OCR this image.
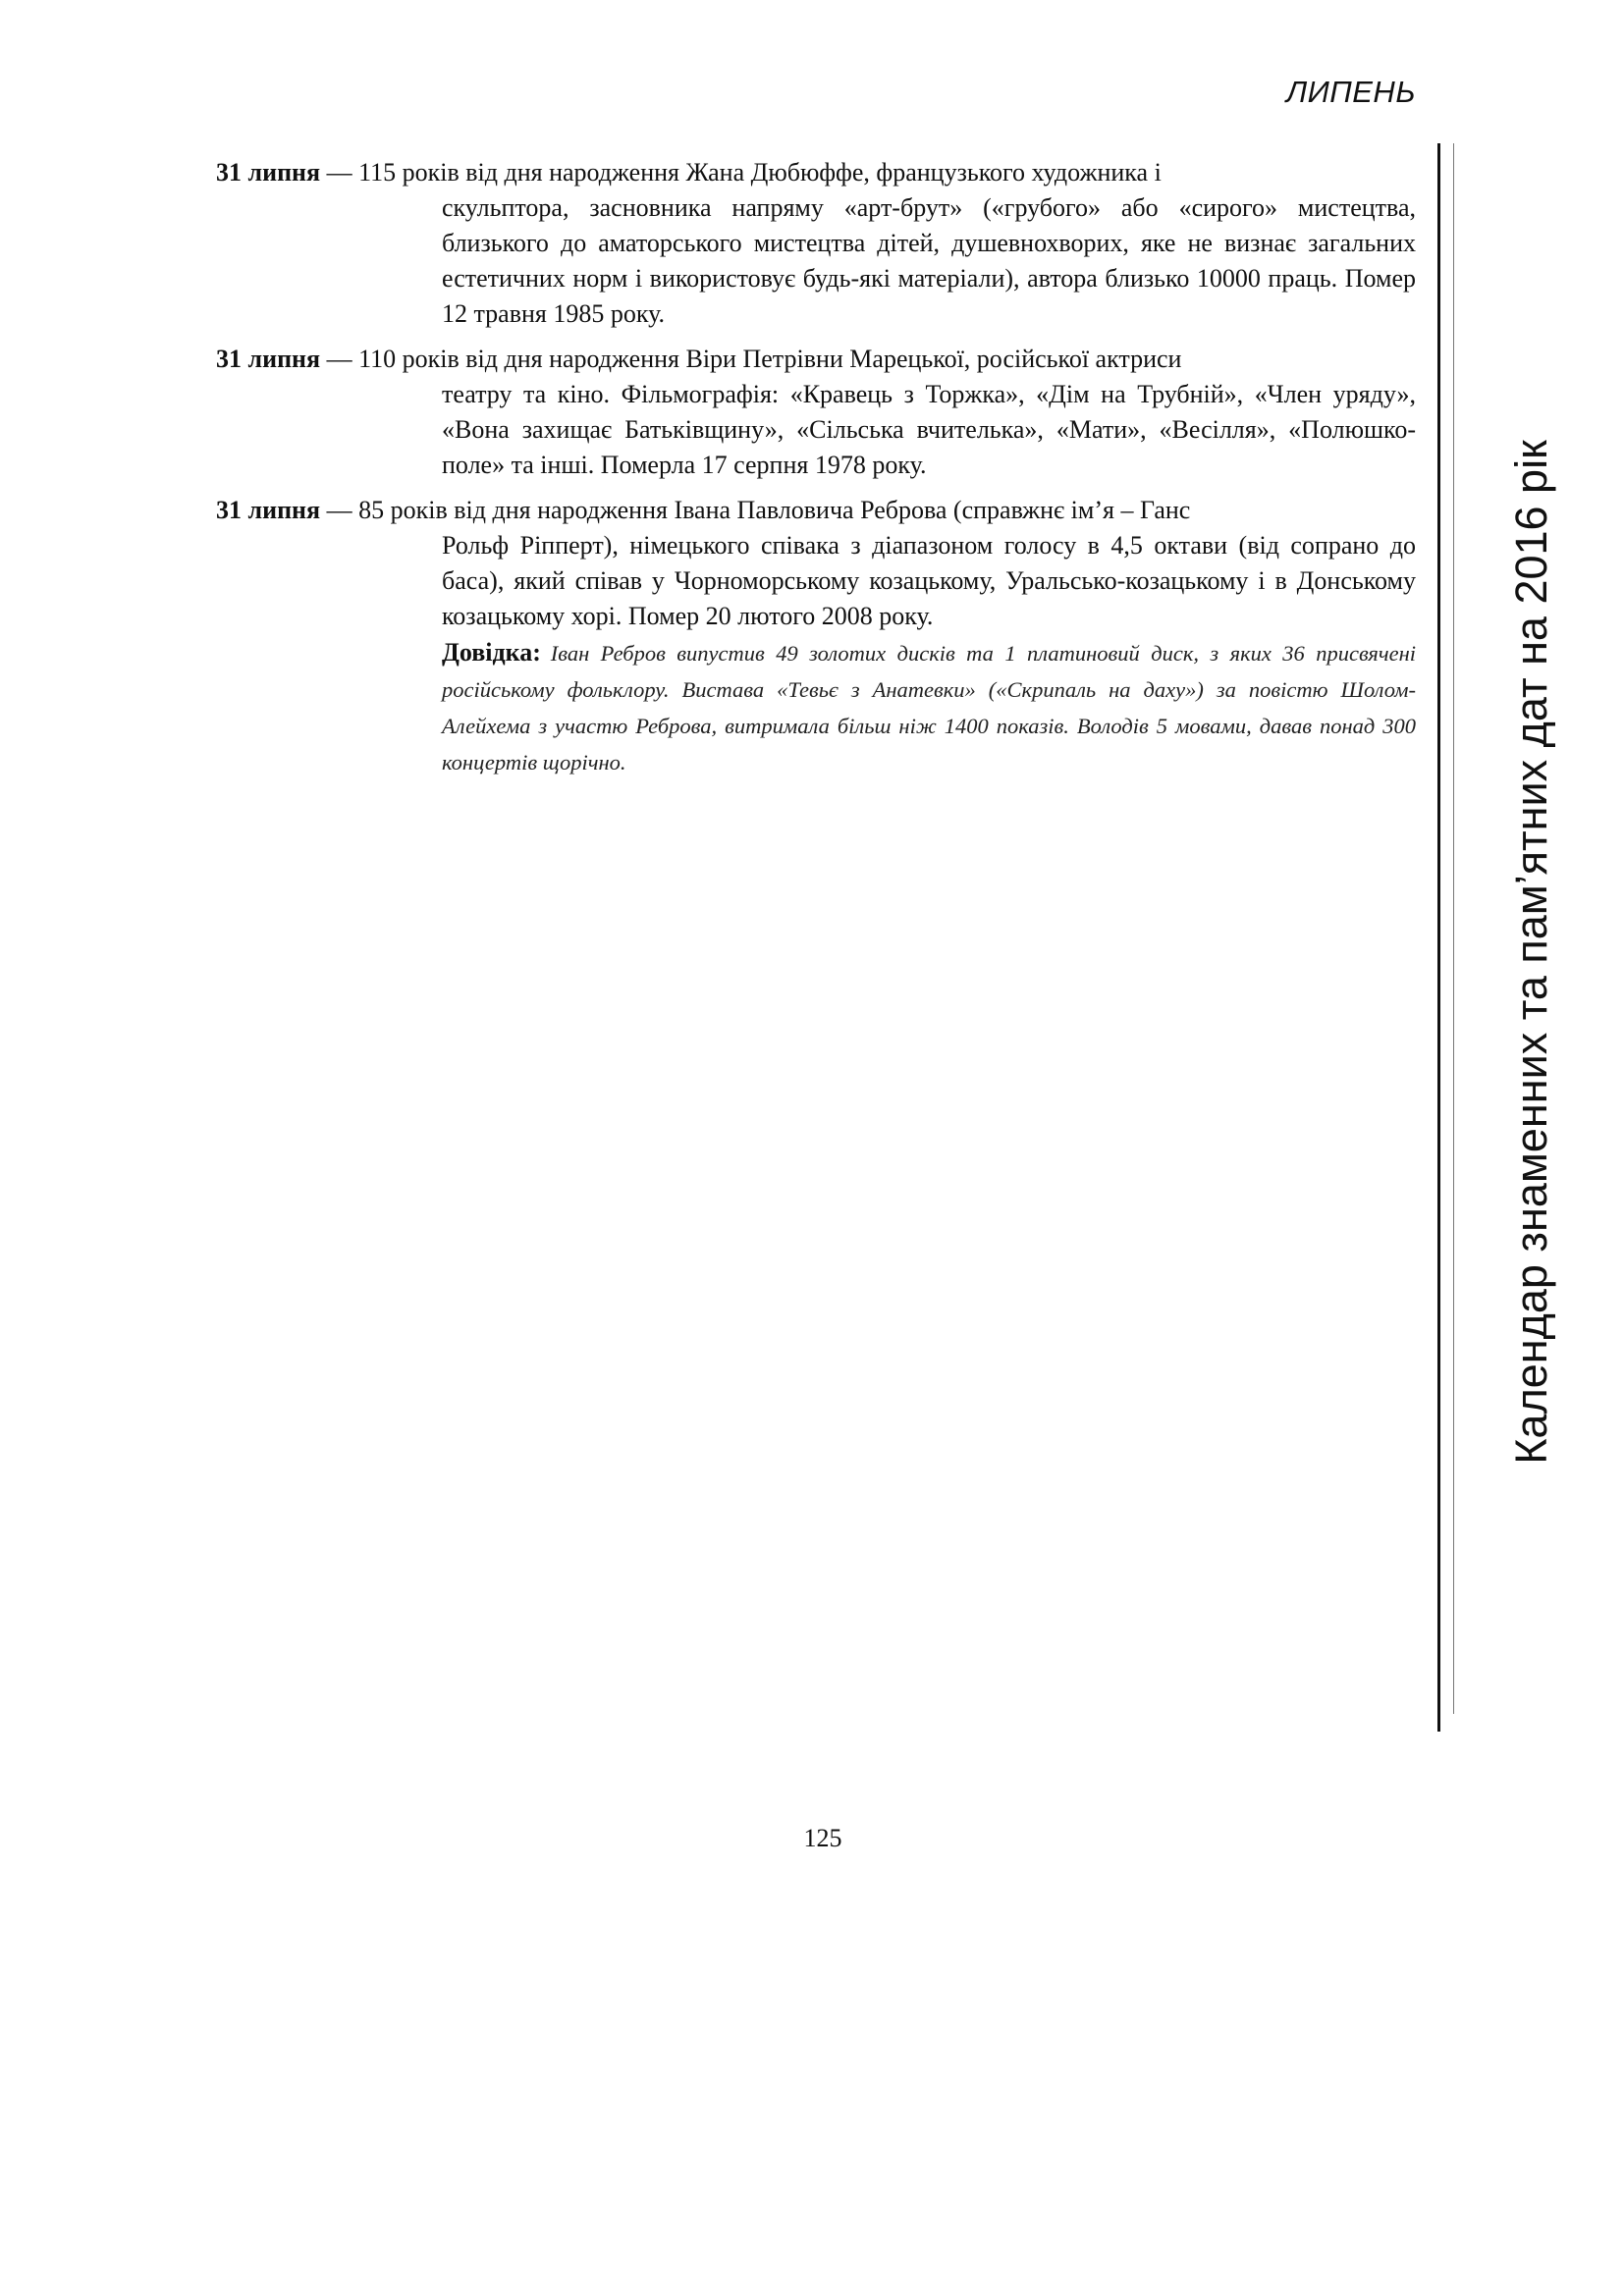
ЛИПЕНЬ
Календар знаменних та пам’ятних дат на 2016 рік
31 липня — 115 років від дня народження Жана Дюбюффе, французького художника і
скульптора, засновника напряму «арт-брут» («грубого» або «сирого» мистецтва, близького до аматорського мистецтва дітей, душевнохворих, яке не визнає загальних естетичних норм і використовує будь-які матеріали), автора близько 10000 праць. Помер 12 травня 1985 року.
31 липня — 110 років від дня народження Віри Петрівни Марецької, російської актриси
театру та кіно. Фільмографія: «Кравець з Торжка», «Дім на Трубній», «Член уряду», «Вона захищає Батьківщину», «Сільська вчителька», «Мати», «Весілля», «Полюшко-поле» та інші. Померла 17 серпня 1978 року.
31 липня — 85 років від дня народження Івана Павловича Реброва (справжнє ім’я – Ганс
Рольф Ріпперт), німецького співака з діапазоном голосу в 4,5 октави (від сопрано до баса), який співав у Чорноморському козацькому, Уральсько-козацькому і в Донському козацькому хорі. Помер 20 лютого 2008 року.
Довідка: Іван Ребров випустив 49 золотих дисків та 1 платиновий диск, з яких 36 присвячені російському фольклору. Вистава «Тевьє з Анатевки» («Скрипаль на даху») за повістю Шолом-Алейхема з участю Реброва, витримала більш ніж 1400 показів. Володів 5 мовами, давав понад 300 концертів щорічно.
125
